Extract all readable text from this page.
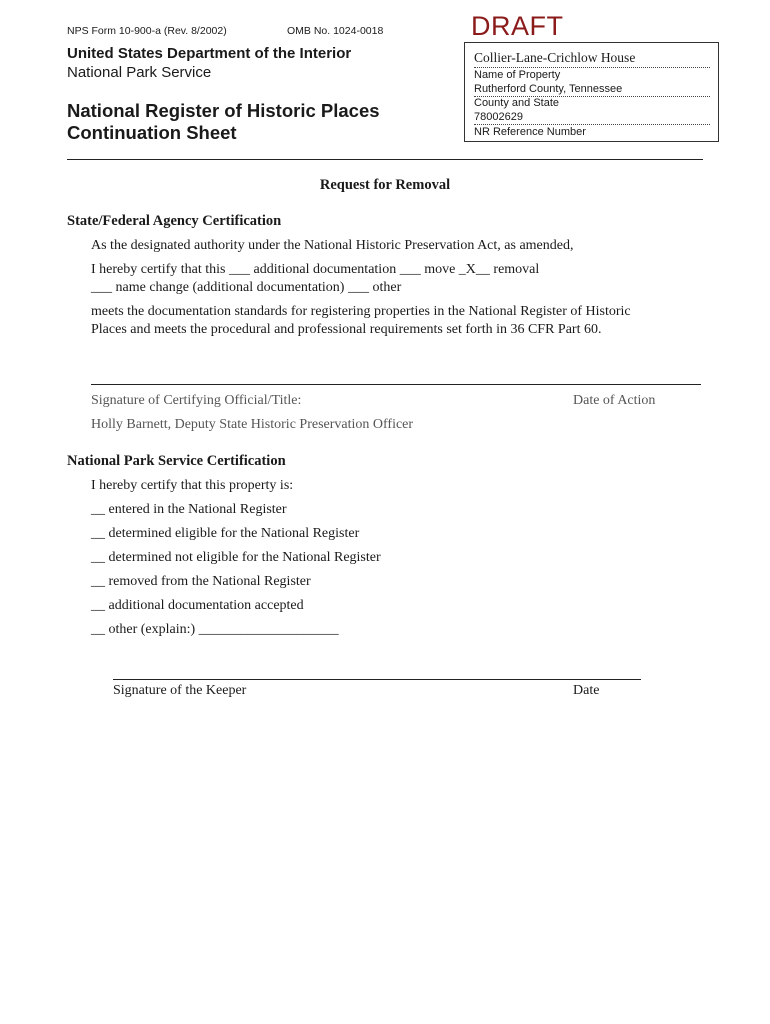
NPS Form 10-900-a (Rev. 8/2002)	OMB No. 1024-0018	DRAFT
United States Department of the Interior
National Park Service
National Register of Historic Places
Continuation Sheet
Collier-Lane-Crichlow House
Name of Property
Rutherford County, Tennessee
County and State
78002629
NR Reference Number
Request for Removal
State/Federal Agency Certification
As the designated authority under the National Historic Preservation Act, as amended,
I hereby certify that this ___ additional documentation ___ move _X__ removal
___ name change (additional documentation) ___ other
meets the documentation standards for registering properties in the National Register of Historic
Places and meets the procedural and professional requirements set forth in 36 CFR Part 60.
Signature of Certifying Official/Title:	Date of Action
Holly Barnett, Deputy State Historic Preservation Officer
National Park Service Certification
I hereby certify that this property is:
__ entered in the National Register
__ determined eligible for the National Register
__ determined not eligible for the National Register
__ removed from the National Register
__ additional documentation accepted
__ other (explain:) ____________________
Signature of the Keeper	Date
